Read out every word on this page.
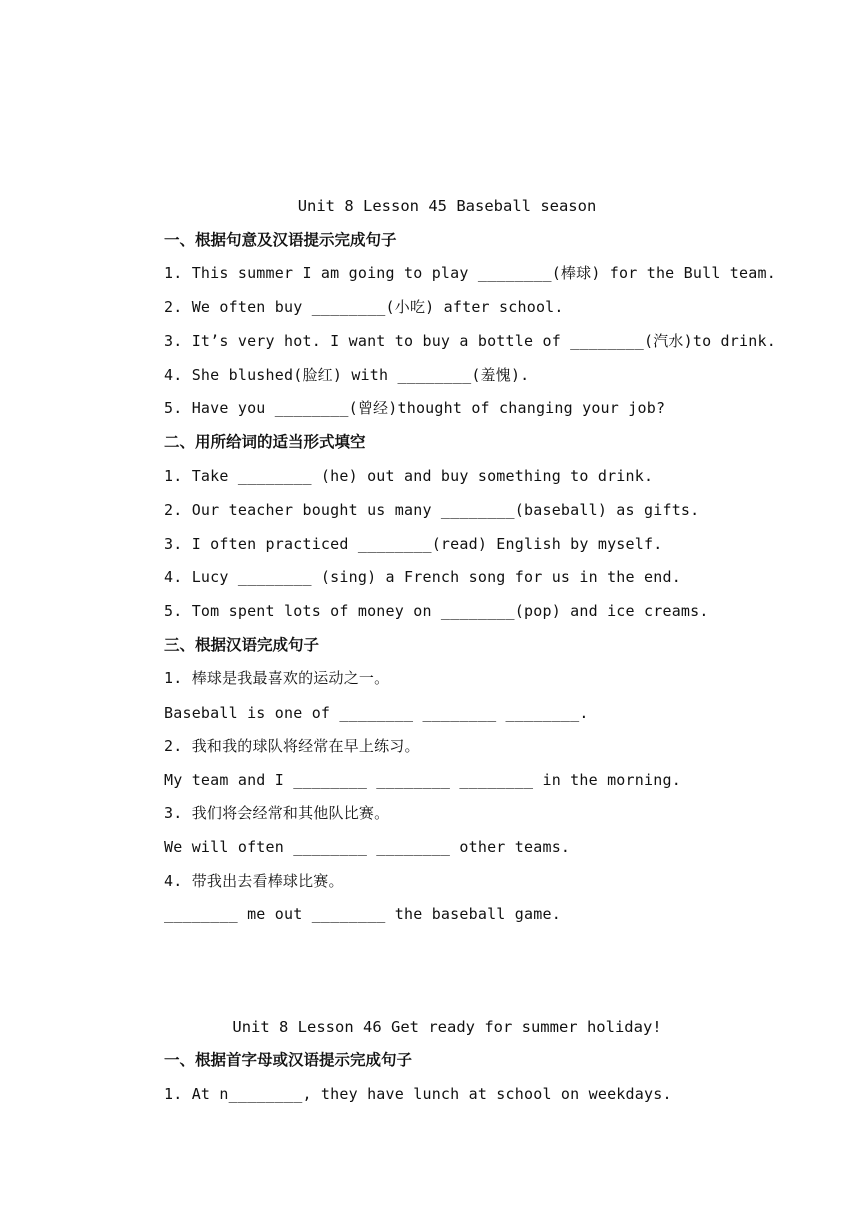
Unit 8 Lesson 45 Baseball season
一、根据句意及汉语提示完成句子
1. This summer I am going to play ________(棒球) for the Bull team.
2. We often buy ________(小吃) after school.
3. It’s very hot. I want to buy a bottle of ________(汽水)to drink.
4. She blushed(脸红) with ________(羞愧).
5. Have you ________(曾经)thought of changing your job?
二、用所给词的适当形式填空
1. Take ________ (he) out and buy something to drink.
2. Our teacher bought us many ________(baseball) as gifts.
3. I often practiced ________(read) English by myself.
4. Lucy ________ (sing) a French song for us in the end.
5. Tom spent lots of money on ________(pop) and ice creams.
三、根据汉语完成句子
1. 棒球是我最喜欢的运动之一。
Baseball is one of ________ ________ ________.
2. 我和我的球队将经常在早上练习。
My team and I ________ ________ ________ in the morning.
3. 我们将会经常和其他队比赛。
We will often ________ ________ other teams.
4. 带我出去看棒球比赛。
________ me out ________ the baseball game.
Unit 8 Lesson 46 Get ready for summer holiday!
一、根据首字母或汉语提示完成句子
1. At n________, they have lunch at school on weekdays.
